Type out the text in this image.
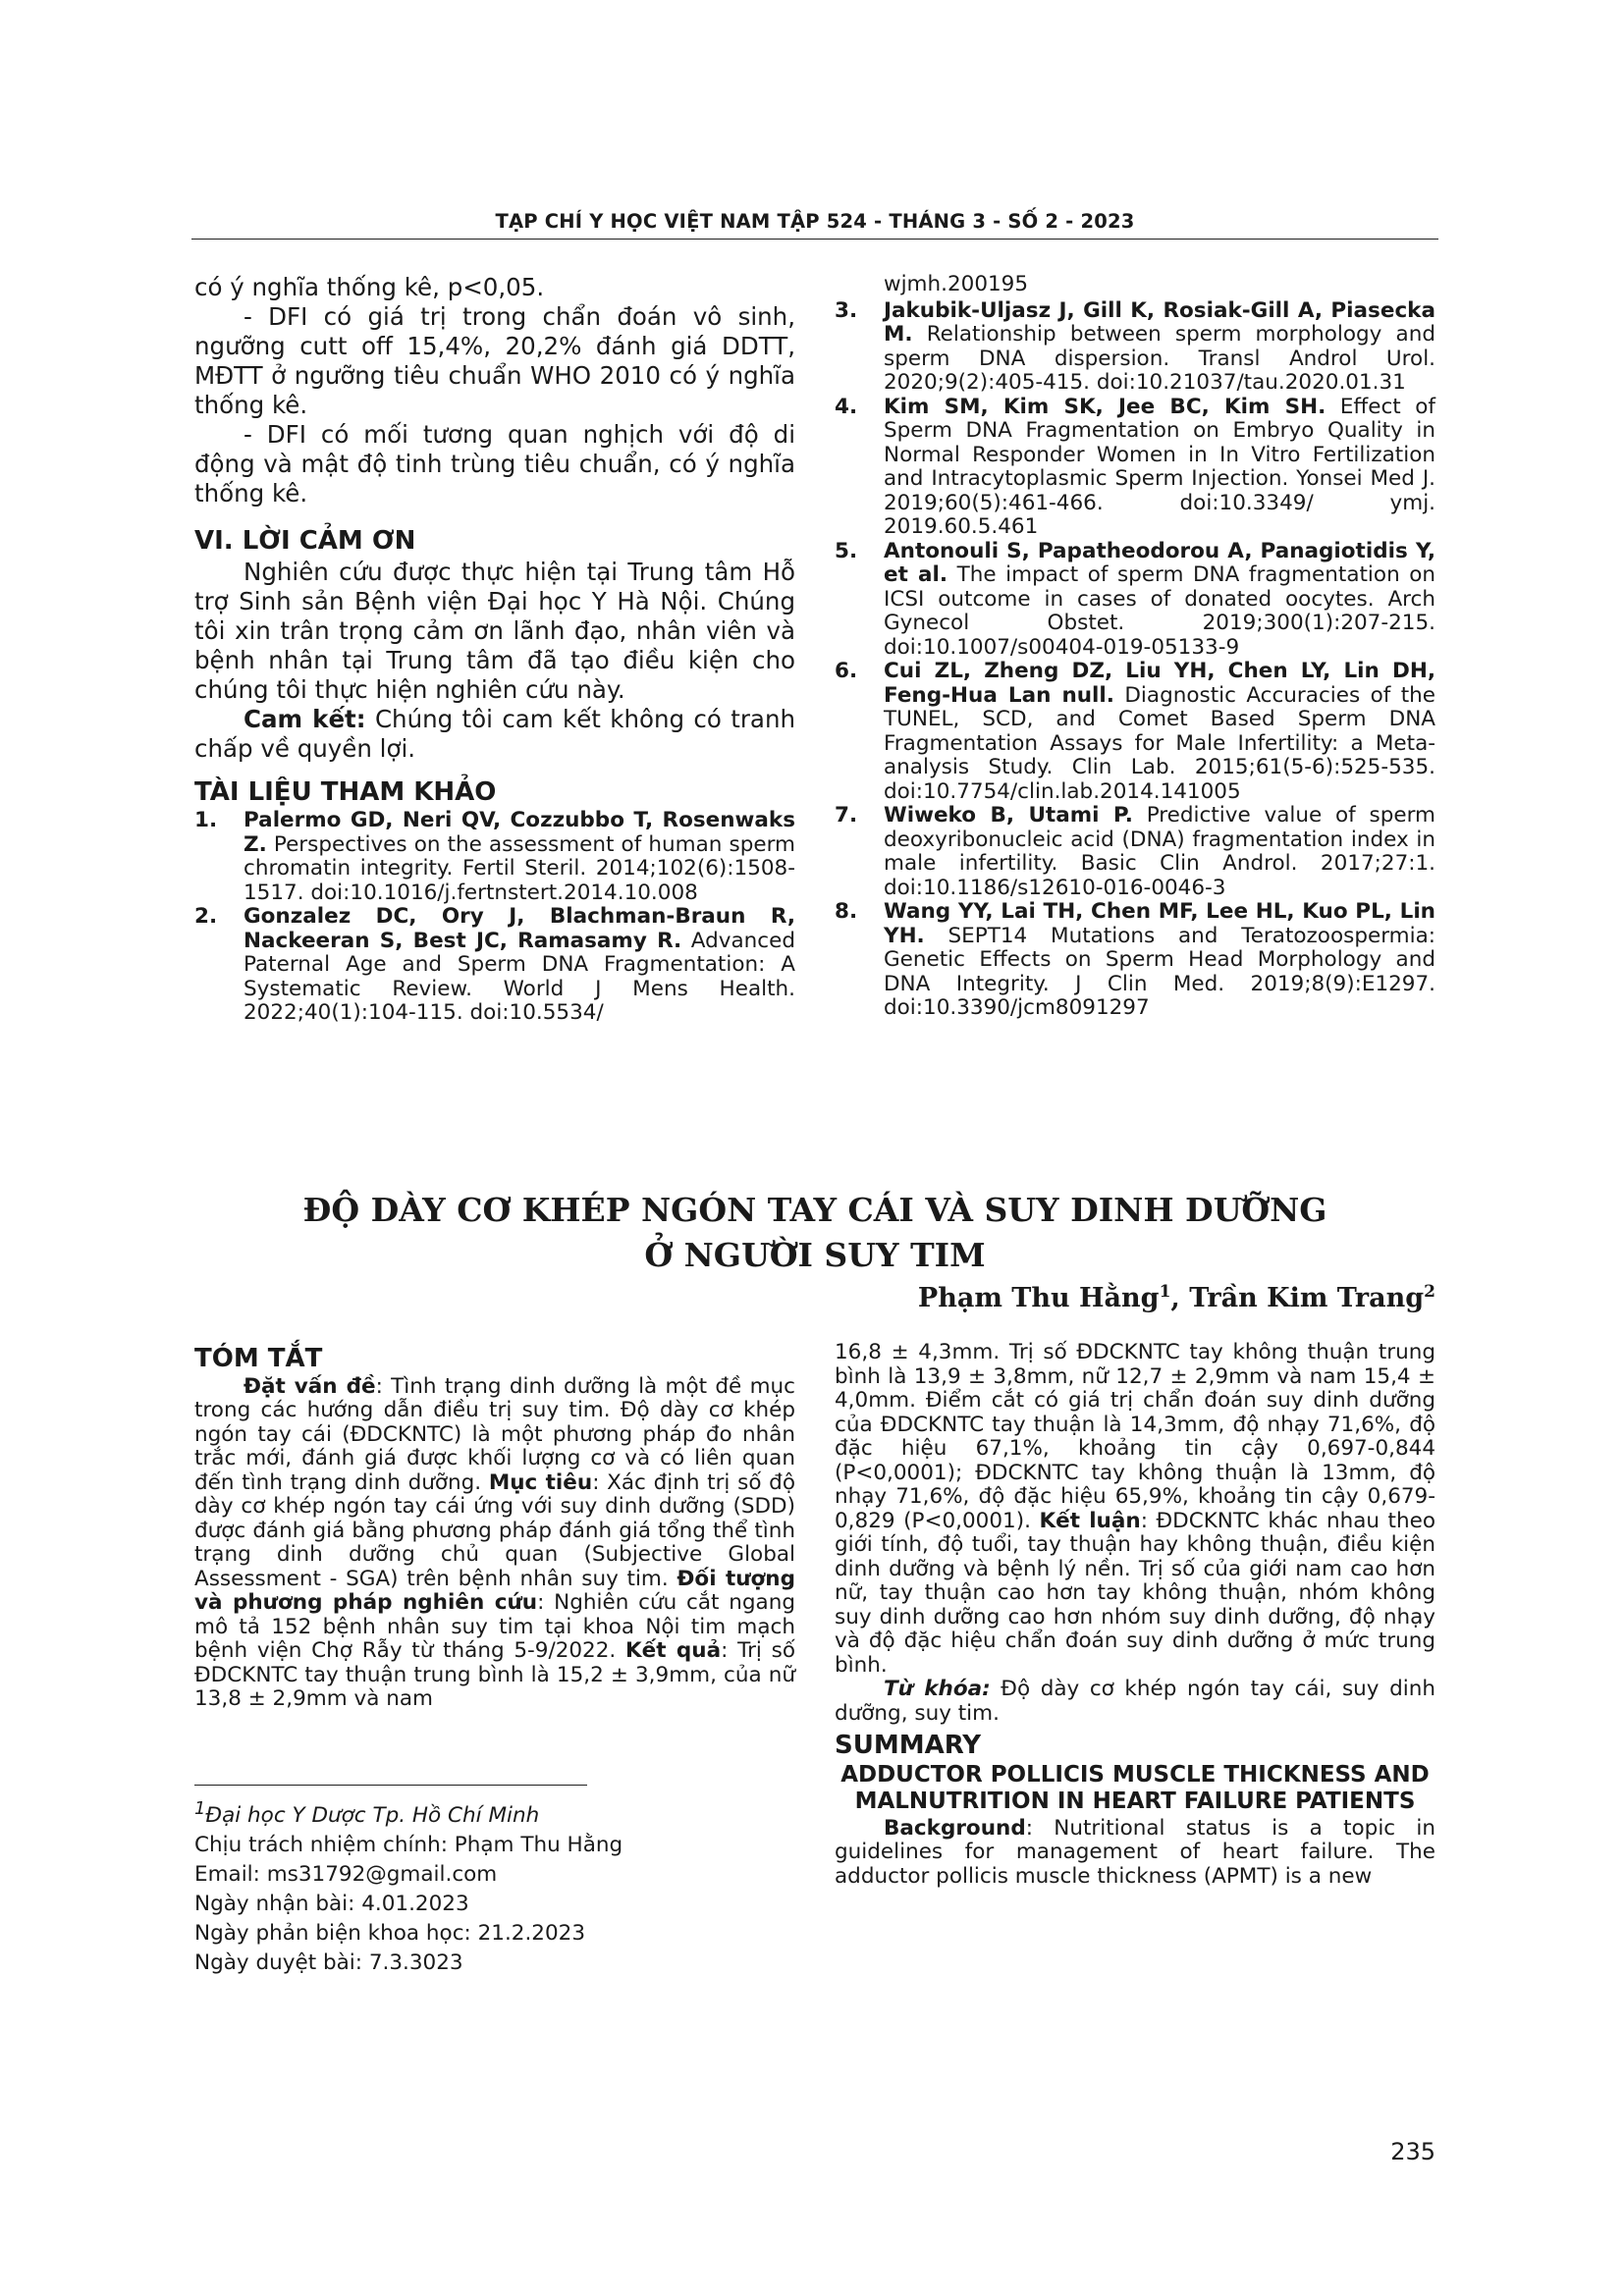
TẠP CHÍ Y HỌC VIỆT NAM TẬP 524 - THÁNG 3 - SỐ 2 - 2023

có ý nghĩa thống kê, p<0,05.

- DFI có giá trị trong chẩn đoán vô sinh, ngưỡng cutt off 15,4%, 20,2% đánh giá DDTT, MĐTT ở ngưỡng tiêu chuẩn WHO 2010 có ý nghĩa thống kê.

- DFI có mối tương quan nghịch với độ di động và mật độ tinh trùng tiêu chuẩn, có ý nghĩa thống kê.

VI. LỜI CẢM ƠN

Nghiên cứu được thực hiện tại Trung tâm Hỗ trợ Sinh sản Bệnh viện Đại học Y Hà Nội. Chúng tôi xin trân trọng cảm ơn lãnh đạo, nhân viên và bệnh nhân tại Trung tâm đã tạo điều kiện cho chúng tôi thực hiện nghiên cứu này.

Cam kết: Chúng tôi cam kết không có tranh chấp về quyền lợi.

TÀI LIỆU THAM KHẢO
1. Palermo GD, Neri QV, Cozzubbo T, Rosenwaks Z. Perspectives on the assessment of human sperm chromatin integrity. Fertil Steril. 2014;102(6):1508-1517. doi:10.1016/j.fertnstert.2014.10.008
2. Gonzalez DC, Ory J, Blachman-Braun R, Nackeeran S, Best JC, Ramasamy R. Advanced Paternal Age and Sperm DNA Fragmentation: A Systematic Review. World J Mens Health. 2022;40(1):104-115. doi:10.5534/

wjmh.200195

3. Jakubik-Uljasz J, Gill K, Rosiak-Gill A, Piasecka M. Relationship between sperm morphology and sperm DNA dispersion. Transl Androl Urol. 2020;9(2):405-415. doi:10.21037/tau.2020.01.31
4. Kim SM, Kim SK, Jee BC, Kim SH. Effect of Sperm DNA Fragmentation on Embryo Quality in Normal Responder Women in In Vitro Fertilization and Intracytoplasmic Sperm Injection. Yonsei Med J. 2019;60(5):461-466. doi:10.3349/ ymj. 2019.60.5.461
5. Antonouli S, Papatheodorou A, Panagiotidis Y, et al. The impact of sperm DNA fragmentation on ICSI outcome in cases of donated oocytes. Arch Gynecol Obstet. 2019;300(1):207-215. doi:10.1007/s00404-019-05133-9
6. Cui ZL, Zheng DZ, Liu YH, Chen LY, Lin DH, Feng-Hua Lan null. Diagnostic Accuracies of the TUNEL, SCD, and Comet Based Sperm DNA Fragmentation Assays for Male Infertility: a Meta-analysis Study. Clin Lab. 2015;61(5-6):525-535. doi:10.7754/clin.lab.2014.141005
7. Wiweko B, Utami P. Predictive value of sperm deoxyribonucleic acid (DNA) fragmentation index in male infertility. Basic Clin Androl. 2017;27:1. doi:10.1186/s12610-016-0046-3
8. Wang YY, Lai TH, Chen MF, Lee HL, Kuo PL, Lin YH. SEPT14 Mutations and Teratozoospermia: Genetic Effects on Sperm Head Morphology and DNA Integrity. J Clin Med. 2019;8(9):E1297. doi:10.3390/jcm8091297
ĐỘ DÀY CƠ KHÉP NGÓN TAY CÁI VÀ SUY DINH DƯỠNG
Ở NGƯỜI SUY TIM
Phạm Thu Hằng$^1$, Trần Kim Trang$^2$
TÓM TẮT

Đặt vấn đề: Tình trạng dinh dưỡng là một đề mục trong các hướng dẫn điều trị suy tim. Độ dày cơ khép ngón tay cái (ĐDCKNTC) là một phương pháp đo nhân trắc mới, đánh giá được khối lượng cơ và có liên quan đến tình trạng dinh dưỡng. Mục tiêu: Xác định trị số độ dày cơ khép ngón tay cái ứng với suy dinh dưỡng (SDD) được đánh giá bằng phương pháp đánh giá tổng thể tình trạng dinh dưỡng chủ quan (Subjective Global Assessment - SGA) trên bệnh nhân suy tim. Đối tượng và phương pháp nghiên cứu: Nghiên cứu cắt ngang mô tả 152 bệnh nhân suy tim tại khoa Nội tim mạch bệnh viện Chợ Rẫy từ tháng 5-9/2022. Kết quả: Trị số ĐDCKNTC tay thuận trung bình là 15,2 ± 3,9mm, của nữ 13,8 ± 2,9mm và nam

16,8 ± 4,3mm. Trị số ĐDCKNTC tay không thuận trung bình là 13,9 ± 3,8mm, nữ 12,7 ± 2,9mm và nam 15,4 ± 4,0mm. Điểm cắt có giá trị chẩn đoán suy dinh dưỡng của ĐDCKNTC tay thuận là 14,3mm, độ nhạy 71,6%, độ đặc hiệu 67,1%, khoảng tin cậy 0,697-0,844 (P<0,0001); ĐDCKNTC tay không thuận là 13mm, độ nhạy 71,6%, độ đặc hiệu 65,9%, khoảng tin cậy 0,679-0,829 (P<0,0001). Kết luận: ĐDCKNTC khác nhau theo giới tính, độ tuổi, tay thuận hay không thuận, điều kiện dinh dưỡng và bệnh lý nền. Trị số của giới nam cao hơn nữ, tay thuận cao hơn tay không thuận, nhóm không suy dinh dưỡng cao hơn nhóm suy dinh dưỡng, độ nhạy và độ đặc hiệu chẩn đoán suy dinh dưỡng ở mức trung bình.

Từ khóa: Độ dày cơ khép ngón tay cái, suy dinh dưỡng, suy tim.

SUMMARY
ADDUCTOR POLLICIS MUSCLE THICKNESS AND MALNUTRITION IN HEART FAILURE PATIENTS

Background: Nutritional status is a topic in guidelines for management of heart failure. The adductor pollicis muscle thickness (APMT) is a new

$^1$Đại học Y Dược Tp. Hồ Chí Minh
Chịu trách nhiệm chính: Phạm Thu Hằng
Email: ms31792@gmail.com
Ngày nhận bài: 4.01.2023
Ngày phản biện khoa học: 21.2.2023
Ngày duyệt bài: 7.3.3023
235
